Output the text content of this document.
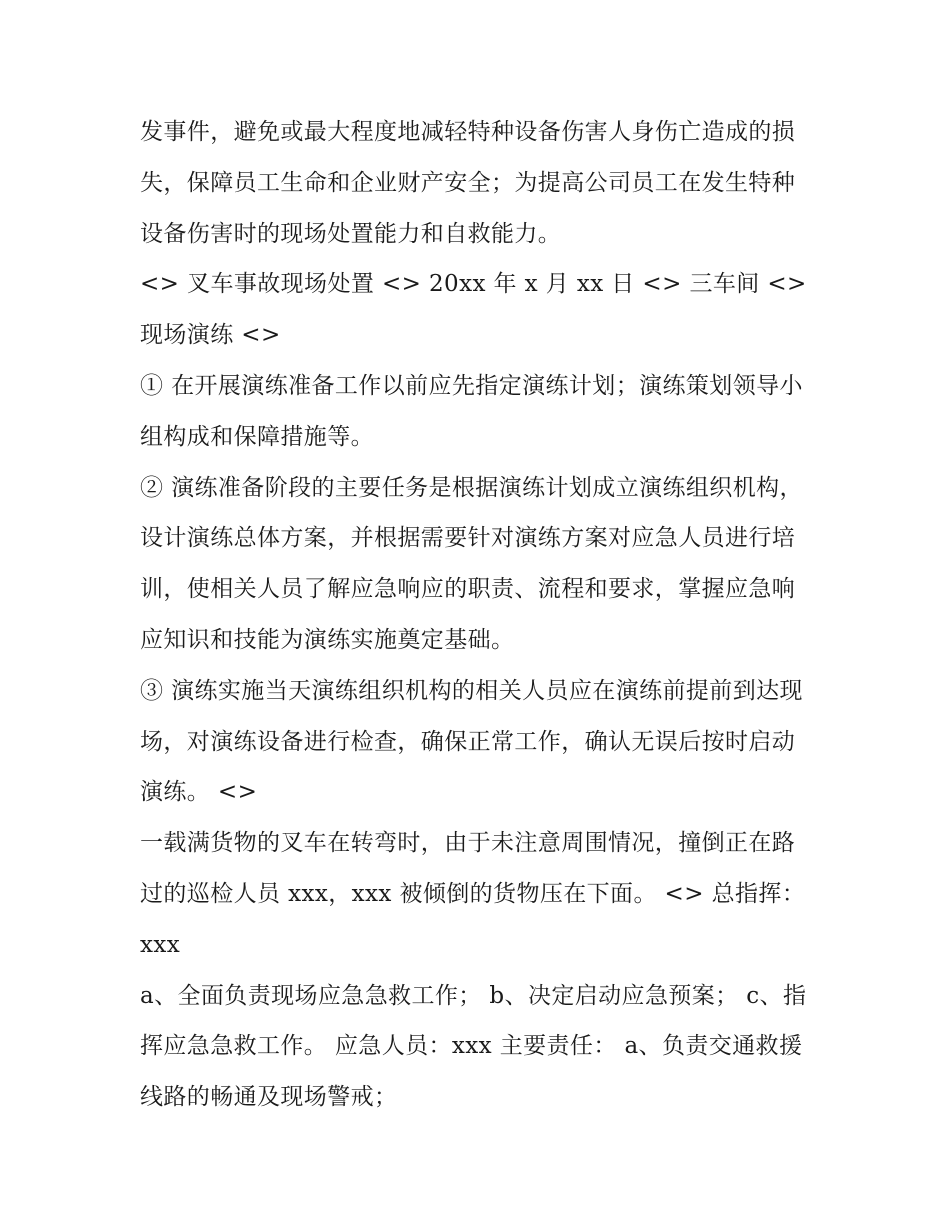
发事件，避免或最大程度地减轻特种设备伤害人身伤亡造成的损失，保障员工生命和企业财产安全；为提高公司员工在发生特种设备伤害时的现场处置能力和自救能力。

<> 叉车事故现场处置 <> 20xx 年 x 月 xx 日 <> 三车间 <> 现场演练 <>

① 在开展演练准备工作以前应先指定演练计划；演练策划领导小组构成和保障措施等。

② 演练准备阶段的主要任务是根据演练计划成立演练组织机构，设计演练总体方案，并根据需要针对演练方案对应急人员进行培训，使相关人员了解应急响应的职责、流程和要求，掌握应急响应知识和技能为演练实施奠定基础。

③ 演练实施当天演练组织机构的相关人员应在演练前提前到达现场，对演练设备进行检查，确保正常工作，确认无误后按时启动演练。 <>

一载满货物的叉车在转弯时，由于未注意周围情况，撞倒正在路过的巡检人员 xxx，xxx 被倾倒的货物压在下面。 <> 总指挥：xxx

a、全面负责现场应急急救工作； b、决定启动应急预案； c、指挥应急急救工作。 应急人员：xxx 主要责任： a、负责交通救援线路的畅通及现场警戒；
